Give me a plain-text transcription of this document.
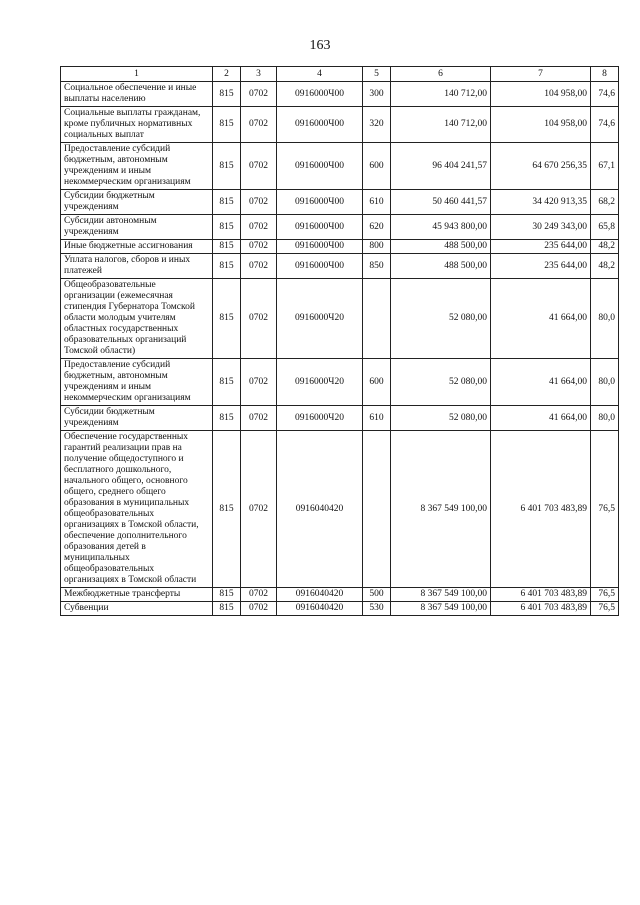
163
1	2	3	4	5	6	7	8
Социальное обеспечение и иные выплаты населению	815	0702	0916000Ч00	300	140 712,00	104 958,00	74,6
Социальные выплаты гражданам, кроме публичных нормативных социальных выплат	815	0702	0916000Ч00	320	140 712,00	104 958,00	74,6
Предоставление субсидий бюджетным, автономным учреждениям и иным некоммерческим организациям	815	0702	0916000Ч00	600	96 404 241,57	64 670 256,35	67,1
Субсидии бюджетным учреждениям	815	0702	0916000Ч00	610	50 460 441,57	34 420 913,35	68,2
Субсидии автономным учреждениям	815	0702	0916000Ч00	620	45 943 800,00	30 249 343,00	65,8
Иные бюджетные ассигнования	815	0702	0916000Ч00	800	488 500,00	235 644,00	48,2
Уплата налогов, сборов и иных платежей	815	0702	0916000Ч00	850	488 500,00	235 644,00	48,2
Общеобразовательные организации (ежемесячная стипендия Губернатора Томской области молодым учителям областных государственных образовательных организаций Томской области)	815	0702	0916000Ч20		52 080,00	41 664,00	80,0
Предоставление субсидий бюджетным, автономным учреждениям и иным некоммерческим организациям	815	0702	0916000Ч20	600	52 080,00	41 664,00	80,0
Субсидии бюджетным учреждениям	815	0702	0916000Ч20	610	52 080,00	41 664,00	80,0
Обеспечение государственных гарантий реализации прав на получение общедоступного и бесплатного дошкольного, начального общего, основного общего, среднего общего образования в муниципальных общеобразовательных организациях в Томской области, обеспечение дополнительного образования детей в муниципальных общеобразовательных организациях в Томской области	815	0702	0916040420		8 367 549 100,00	6 401 703 483,89	76,5
Межбюджетные трансферты	815	0702	0916040420	500	8 367 549 100,00	6 401 703 483,89	76,5
Субвенции	815	0702	0916040420	530	8 367 549 100,00	6 401 703 483,89	76,5
